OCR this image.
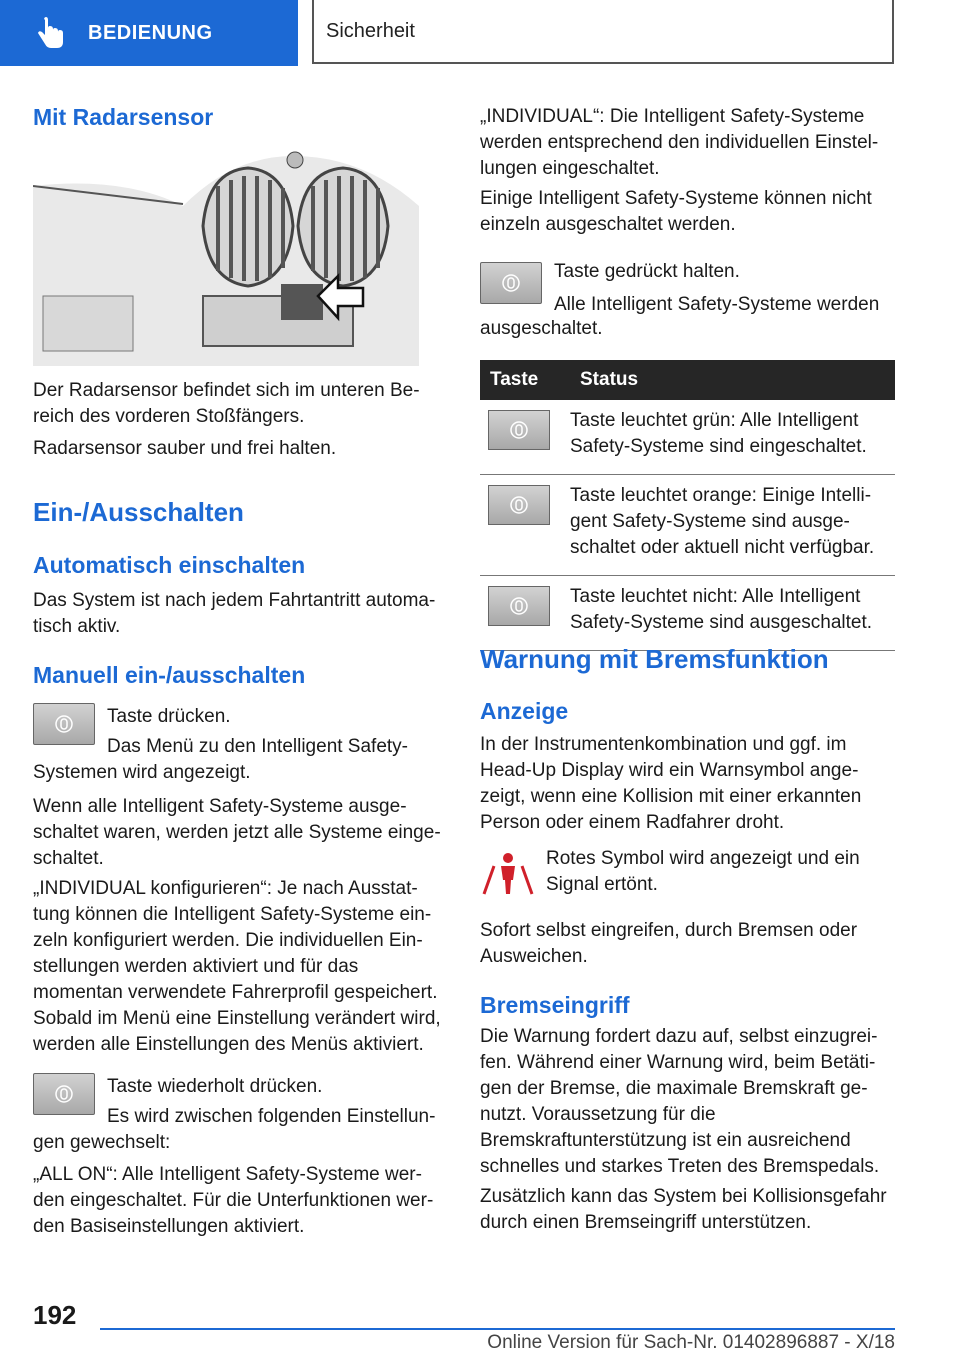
BEDIENUNG	Sicherheit
Mit Radarsensor

Der Radarsensor befindet sich im unteren Bereich des vorderen Stoßfängers.

Radarsensor sauber und frei halten.

Ein-/Ausschalten
Automatisch einschalten

Das System ist nach jedem Fahrtantritt automatisch aktiv.

Manuell ein-/ausschalten

Taste drücken.

Das Menü zu den Intelligent Safety-

Systemen wird angezeigt.

Wenn alle Intelligent Safety-Systeme ausgeschaltet waren, werden jetzt alle Systeme eingeschaltet.

„INDIVIDUAL konfigurieren“: Je nach Ausstattung können die Intelligent Safety-Systeme einzeln konfiguriert werden. Die individuellen Einstellungen werden aktiviert und für das momentan verwendete Fahrerprofil gespeichert. Sobald im Menü eine Einstellung verändert wird, werden alle Einstellungen des Menüs aktiviert.

Taste wiederholt drücken.

Es wird zwischen folgenden Einstellun-

gen gewechselt:

„ALL ON“: Alle Intelligent Safety-Systeme werden eingeschaltet. Für die Unterfunktionen werden Basiseinstellungen aktiviert.

„INDIVIDUAL“: Die Intelligent Safety-Systeme werden entsprechend den individuellen Einstellungen eingeschaltet.

Einige Intelligent Safety-Systeme können nicht einzeln ausgeschaltet werden.

Taste gedrückt halten.

Alle Intelligent Safety-Systeme werden

ausgeschaltet.

Taste	Status

	Taste leuchtet grün: Alle Intelligent Safety-Systeme sind eingeschaltet.

	Taste leuchtet orange: Einige Intelligent Safety-Systeme sind ausgeschaltet oder aktuell nicht verfügbar.

	Taste leuchtet nicht: Alle Intelligent Safety-Systeme sind ausgeschaltet.
Warnung mit Bremsfunktion
Anzeige

In der Instrumentenkombination und ggf. im Head-Up Display wird ein Warnsymbol angezeigt, wenn eine Kollision mit einer erkannten Person oder einem Radfahrer droht.

Rotes Symbol wird angezeigt und ein Signal ertönt.

Sofort selbst eingreifen, durch Bremsen oder Ausweichen.

Bremseingriff

Die Warnung fordert dazu auf, selbst einzugreifen. Während einer Warnung wird, beim Betätigen der Bremse, die maximale Bremskraft genutzt. Voraussetzung für die Bremskraftunterstützung ist ein ausreichend schnelles und starkes Treten des Bremspedals.

Zusätzlich kann das System bei Kollisionsgefahr durch einen Bremseingriff unterstützen.

192
Online Version für Sach-Nr. 01402896887 - X/18
